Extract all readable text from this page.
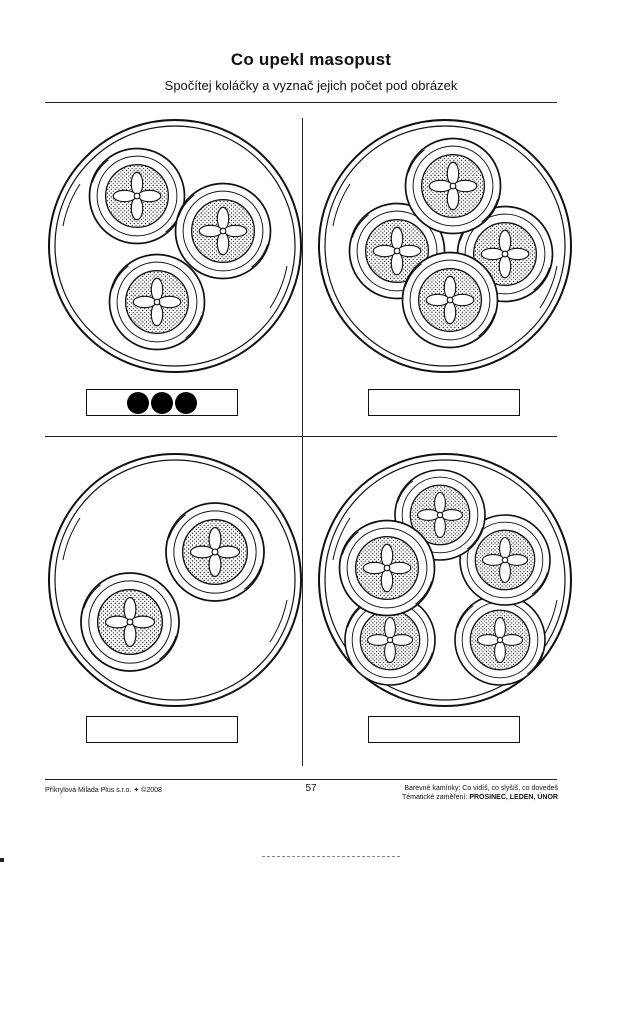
Co upekl masopust
Spočítej koláčky a vyznač jejich počet pod obrázek
Příkrylová Milada Plus s.r.o. ✦ ©2008	57	Barevné kamínky: Co vidíš, co slyšíš, co dovedeš
Tématické zaměření: PROSINEC, LEDEN, ÚNOR
